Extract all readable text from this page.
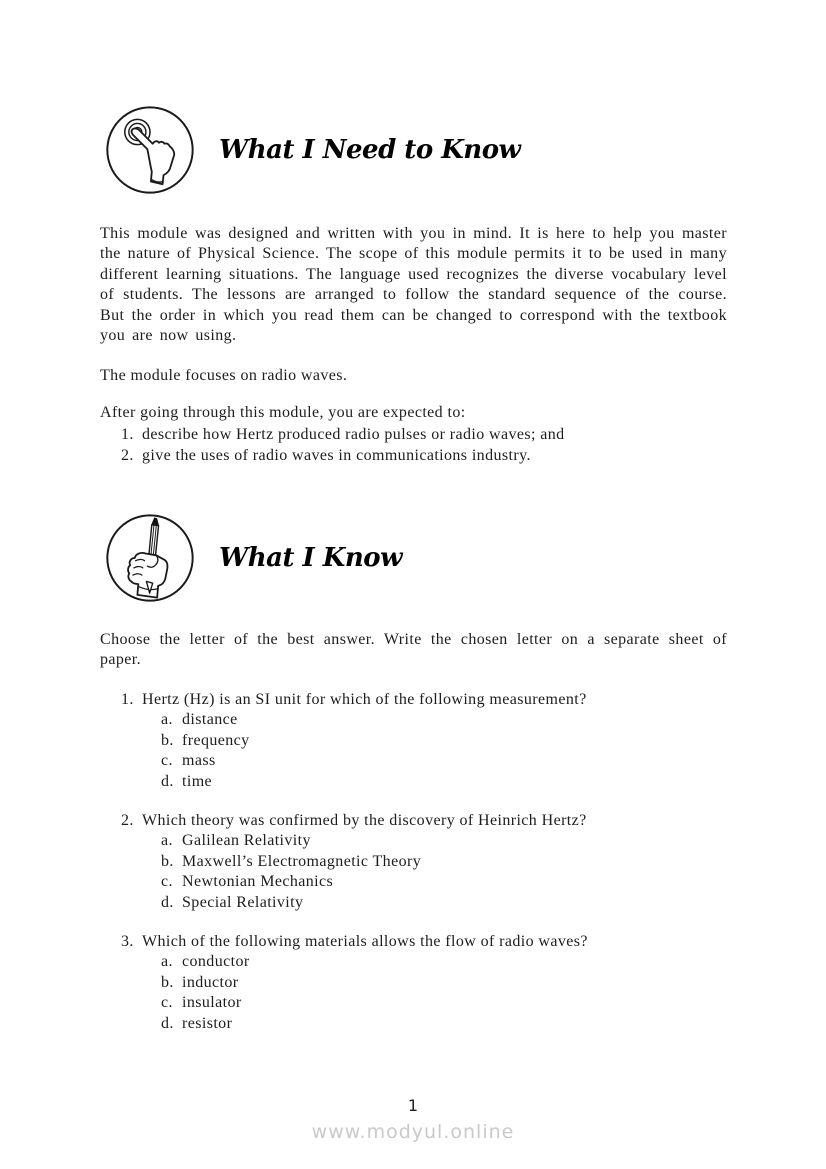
What I Need to Know

This module was designed and written with you in mind. It is here to help you master the nature of Physical Science. The scope of this module permits it to be used in many different learning situations. The language used recognizes the diverse vocabulary level of students. The lessons are arranged to follow the standard sequence of the course. But the order in which you read them can be changed to correspond with the textbook you are now using.

The module focuses on radio waves.

After going through this module, you are expected to:

1. describe how Hertz produced radio pulses or radio waves; and
2. give the uses of radio waves in communications industry.
What I Know

Choose the letter of the best answer. Write the chosen letter on a separate sheet of paper.

1. Hertz (Hz) is an SI unit for which of the following measurement?
a. distance
b. frequency
c. mass
d. time
2. Which theory was confirmed by the discovery of Heinrich Hertz?
a. Galilean Relativity
b. Maxwell’s Electromagnetic Theory
c. Newtonian Mechanics
d. Special Relativity
3. Which of the following materials allows the flow of radio waves?
a. conductor
b. inductor
c. insulator
d. resistor
1
www.modyul.online
